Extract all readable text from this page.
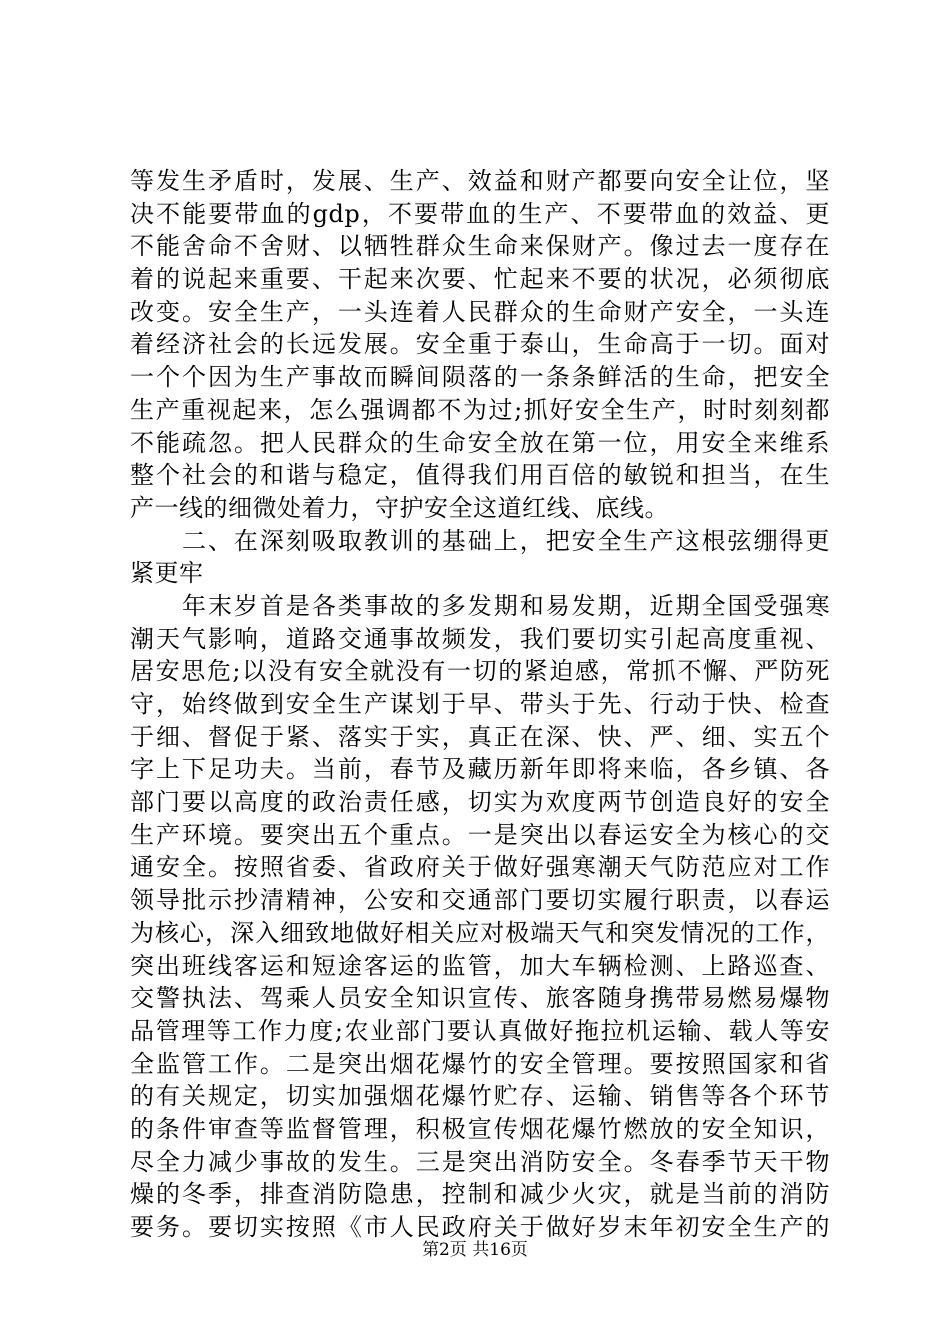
等发生矛盾时，发展、生产、效益和财产都要向安全让位，坚
决不能要带血的gdp，不要带血的生产、不要带血的效益、更
不能舍命不舍财、以牺牲群众生命来保财产。像过去一度存在
着的说起来重要、干起来次要、忙起来不要的状况，必须彻底
改变。安全生产，一头连着人民群众的生命财产安全，一头连
着经济社会的长远发展。安全重于泰山，生命高于一切。面对
一个个因为生产事故而瞬间陨落的一条条鲜活的生命，把安全
生产重视起来，怎么强调都不为过;抓好安全生产，时时刻刻都
不能疏忽。把人民群众的生命安全放在第一位，用安全来维系
整个社会的和谐与稳定，值得我们用百倍的敏锐和担当，在生
产一线的细微处着力，守护安全这道红线、底线。
　　二、在深刻吸取教训的基础上，把安全生产这根弦绷得更
紧更牢
　　年末岁首是各类事故的多发期和易发期，近期全国受强寒
潮天气影响，道路交通事故频发，我们要切实引起高度重视、
居安思危;以没有安全就没有一切的紧迫感，常抓不懈、严防死
守，始终做到安全生产谋划于早、带头于先、行动于快、检查
于细、督促于紧、落实于实，真正在深、快、严、细、实五个
字上下足功夫。当前，春节及藏历新年即将来临，各乡镇、各
部门要以高度的政治责任感，切实为欢度两节创造良好的安全
生产环境。要突出五个重点。一是突出以春运安全为核心的交
通安全。按照省委、省政府关于做好强寒潮天气防范应对工作
领导批示抄清精神，公安和交通部门要切实履行职责，以春运
为核心，深入细致地做好相关应对极端天气和突发情况的工作，
突出班线客运和短途客运的监管，加大车辆检测、上路巡查、
交警执法、驾乘人员安全知识宣传、旅客随身携带易燃易爆物
品管理等工作力度;农业部门要认真做好拖拉机运输、载人等安
全监管工作。二是突出烟花爆竹的安全管理。要按照国家和省
的有关规定，切实加强烟花爆竹贮存、运输、销售等各个环节
的条件审查等监督管理，积极宣传烟花爆竹燃放的安全知识，
尽全力减少事故的发生。三是突出消防安全。冬春季节天干物
燥的冬季，排查消防隐患，控制和减少火灾，就是当前的消防
要务。要切实按照《市人民政府关于做好岁末年初安全生产的
第2页 共16页
